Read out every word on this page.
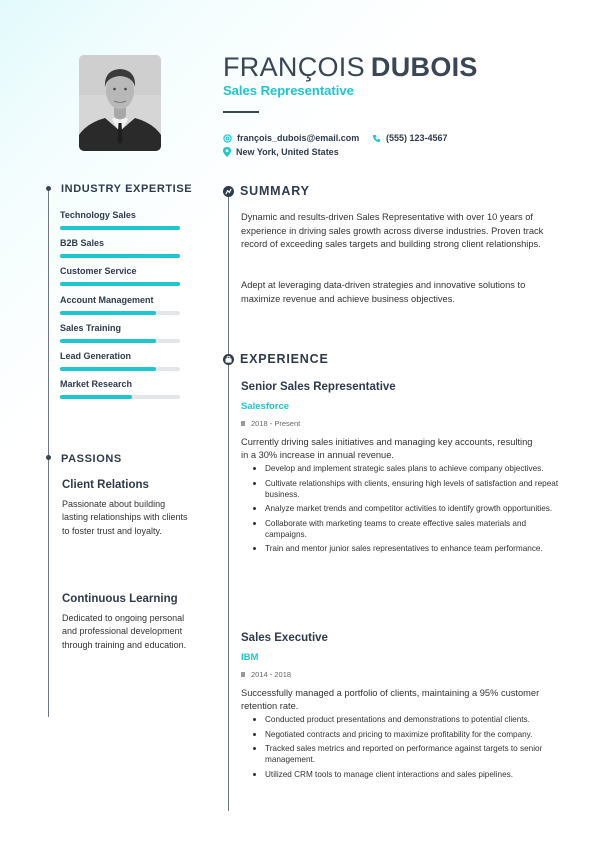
FRANÇOIS DUBOIS
Sales Representative
françois_dubois@email.com	(555) 123-4567
New York, United States
INDUSTRY EXPERTISE
Technology Sales
B2B Sales
Customer Service
Account Management
Sales Training
Lead Generation
Market Research
PASSIONS
Client Relations
Passionate about building lasting relationships with clients to foster trust and loyalty.
Continuous Learning
Dedicated to ongoing personal and professional development through training and education.
SUMMARY
Dynamic and results-driven Sales Representative with over 10 years of experience in driving sales growth across diverse industries. Proven track record of exceeding sales targets and building strong client relationships.
Adept at leveraging data-driven strategies and innovative solutions to maximize revenue and achieve business objectives.
EXPERIENCE
Senior Sales Representative
Salesforce
2018 - Present
Currently driving sales initiatives and managing key accounts, resulting in a 30% increase in annual revenue.
Develop and implement strategic sales plans to achieve company objectives.
Cultivate relationships with clients, ensuring high levels of satisfaction and repeat business.
Analyze market trends and competitor activities to identify growth opportunities.
Collaborate with marketing teams to create effective sales materials and campaigns.
Train and mentor junior sales representatives to enhance team performance.
Sales Executive
IBM
2014 - 2018
Successfully managed a portfolio of clients, maintaining a 95% customer retention rate.
Conducted product presentations and demonstrations to potential clients.
Negotiated contracts and pricing to maximize profitability for the company.
Tracked sales metrics and reported on performance against targets to senior management.
Utilized CRM tools to manage client interactions and sales pipelines.
